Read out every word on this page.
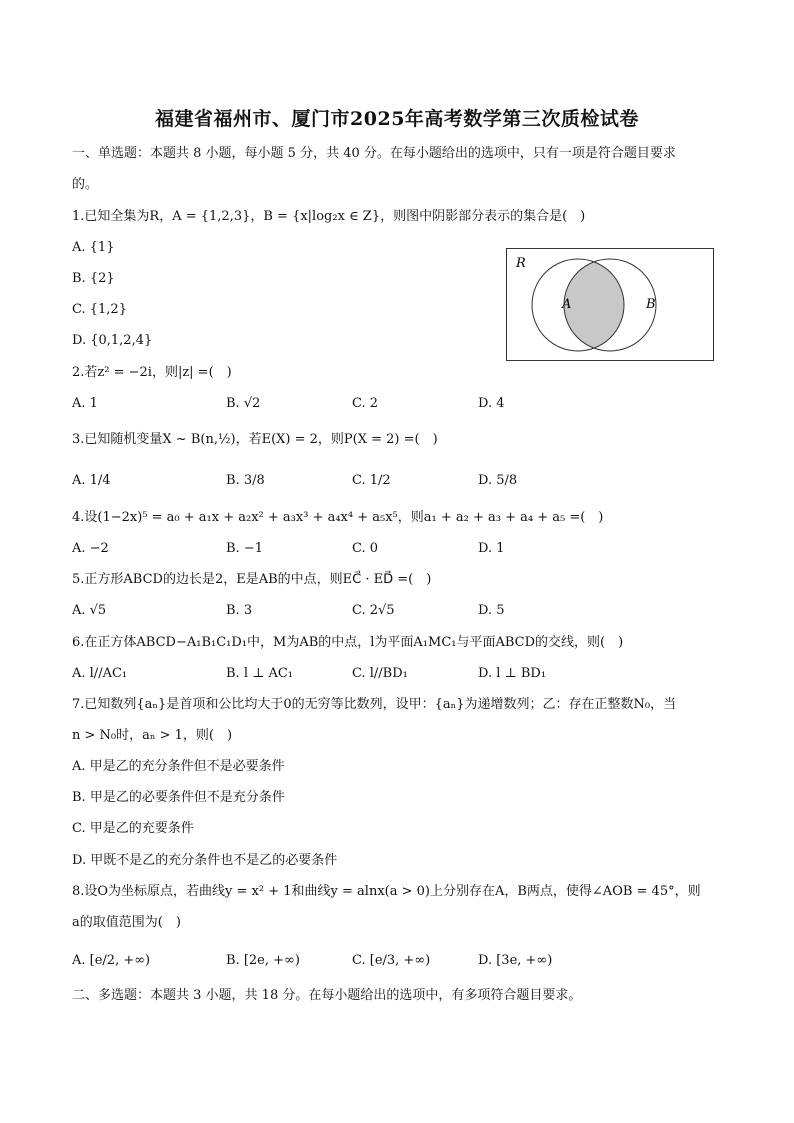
福建省福州市、厦门市2025年高考数学第三次质检试卷
一、单选题：本题共 8 小题，每小题 5 分，共 40 分。在每小题给出的选项中，只有一项是符合题目要求
的。
1.已知全集为R，A = {1,2,3}，B = {x|log₂x ∈ Z}，则图中阴影部分表示的集合是(　)
A. {1}
B. {2}
C. {1,2}
D. {0,1,2,4}
R
A	B
2.若z² = −2i，则|z| =(　)
A. 1	B. √2	C. 2	D. 4
3.已知随机变量X ~ B(n,½)，若E(X) = 2，则P(X = 2) =(　)
A. 1/4	B. 3/8	C. 1/2	D. 5/8
4.设(1−2x)⁵ = a₀ + a₁x + a₂x² + a₃x³ + a₄x⁴ + a₅x⁵，则a₁ + a₂ + a₃ + a₄ + a₅ =(　)
A. −2	B. −1	C. 0	D. 1
5.正方形ABCD的边长是2，E是AB的中点，则EC⃗ · ED⃗ =(　)
A. √5	B. 3	C. 2√5	D. 5
6.在正方体ABCD−A₁B₁C₁D₁中，M为AB的中点，l为平面A₁MC₁与平面ABCD的交线，则(　)
A. l//AC₁	B. l ⊥ AC₁	C. l//BD₁	D. l ⊥ BD₁
7.已知数列{aₙ}是首项和公比均大于0的无穷等比数列，设甲：{aₙ}为递增数列；乙：存在正整数N₀，当
n > N₀时，aₙ > 1，则(　)
A. 甲是乙的充分条件但不是必要条件
B. 甲是乙的必要条件但不是充分条件
C. 甲是乙的充要条件
D. 甲既不是乙的充分条件也不是乙的必要条件
8.设O为坐标原点，若曲线y = x² + 1和曲线y = alnx(a > 0)上分别存在A，B两点，使得∠AOB = 45°，则
a的取值范围为(　)
A. [e/2, +∞)	B. [2e, +∞)	C. [e/3, +∞)	D. [3e, +∞)
二、多选题：本题共 3 小题，共 18 分。在每小题给出的选项中，有多项符合题目要求。
